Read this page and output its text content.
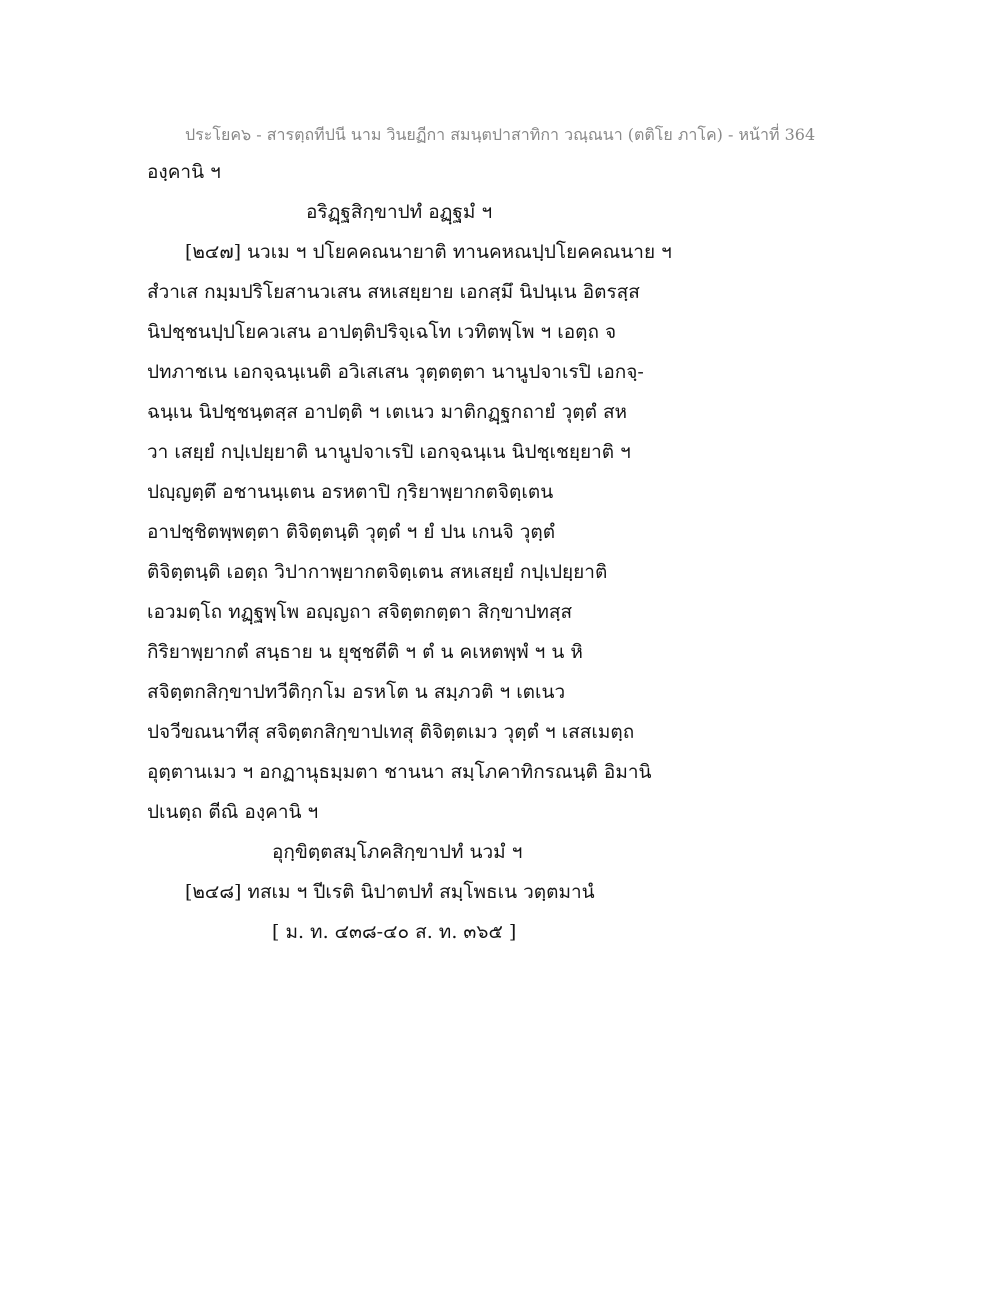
ประโยค๖ - สารตฺถทีปนี นาม วินยฏีกา สมนฺตปาสาทิกา วณฺณนา (ตติโย ภาโค) - หน้าที่ 364
องฺคานิ ฯ
อริฏฺฐสิกฺขาปทํ อฏฺฐมํ ฯ
[๒๔๗] นวเม ฯ ปโยคคณนายาติ ทานคหณปฺปโยคคณนาย ฯ
สํวาเส กมฺมปริโยสานวเสน สหเสยฺยาย เอกสฺมึ นิปนฺเน อิตรสฺส
นิปชฺชนปฺปโยควเสน อาปตฺติปริจฺเฉโท เวทิตพฺโพ ฯ เอตฺถ จ
ปทภาชเน เอกจฺฉนฺเนติ อวิเสเสน วุตฺตตฺตา นานูปจาเรปิ เอกจฺ-
ฉนฺเน นิปชฺชนฺตสฺส อาปตฺติ ฯ เตเนว มาติกฏฺฐกถายํ วุตฺตํ สห
วา เสยฺยํ กปฺเปยฺยาติ นานูปจาเรปิ เอกจฺฉนฺเน นิปชฺเชยฺยาติ ฯ
ปญฺญตฺตึ อชานนฺเตน อรหตาปิ กฺริยาพฺยากตจิตฺเตน
อาปชฺชิตพฺพตฺตา ติจิตฺตนฺติ วุตฺตํ ฯ ยํ ปน เกนจิ วุตฺตํ
ติจิตฺตนฺติ เอตฺถ วิปากาพฺยากตจิตฺเตน สหเสยฺยํ กปฺเปยฺยาติ
เอวมตฺโถ ทฏฺฐพฺโพ อญฺญถา สจิตฺตกตฺตา สิกฺขาปทสฺส
กิริยาพฺยากตํ สนฺธาย น ยุชฺชตีติ ฯ ตํ น คเหตพฺพํ ฯ น หิ
สจิตฺตกสิกฺขาปทวีติกฺกโม อรหโต น สมฺภวติ ฯ เตเนว
ปจวีขณนาทีสุ สจิตฺตกสิกฺขาปเทสุ ติจิตฺตเมว วุตฺตํ ฯ เสสเมตฺถ
อุตฺตานเมว ฯ อกฏานุธมฺมตา ชานนา สมฺโภคาทิกรณนฺติ อิมานิ
ปเนตฺถ ตีณิ องฺคานิ ฯ
อุกฺขิตฺตสมฺโภคสิกฺขาปทํ นวมํ ฯ
[๒๔๘] ทสเม ฯ ปีเรติ นิปาตปทํ สมฺโพธเน วตฺตมานํ
[ ม. ท. ๔๓๘-๔๐ ส. ท. ๓๖๕ ]
